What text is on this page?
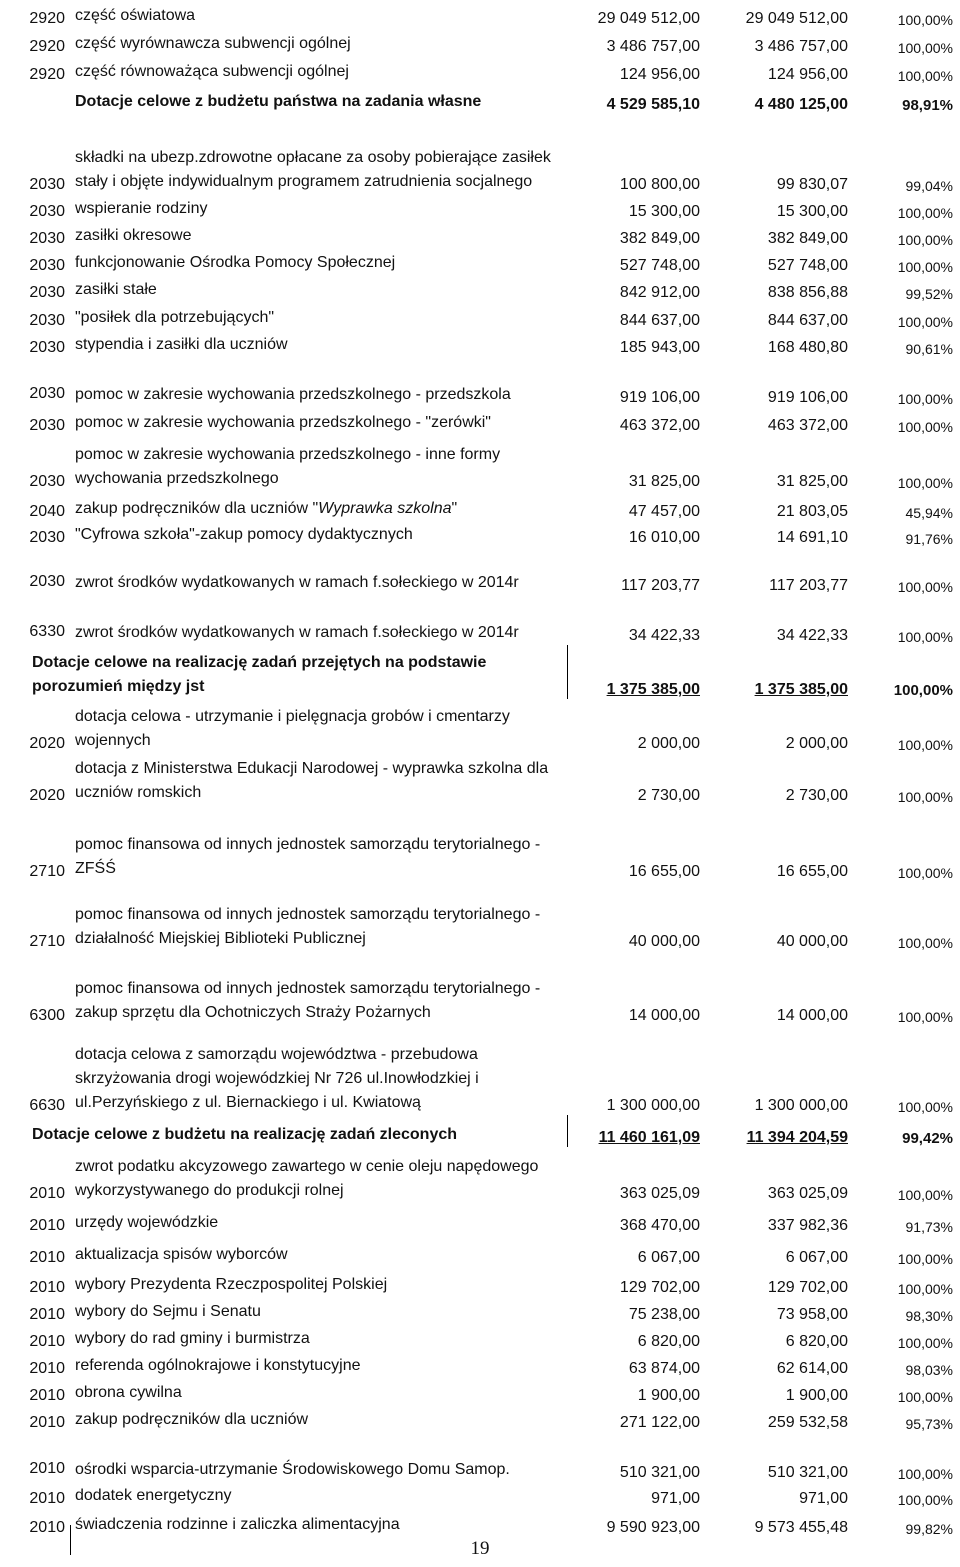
2920	część oświatowa	29 049 512,00	29 049 512,00	100,00%
2920	część wyrównawcza subwencji ogólnej	3 486 757,00	3 486 757,00	100,00%
2920	część równoważąca subwencji ogólnej	124 956,00	124 956,00	100,00%
	Dotacje celowe z budżetu państwa na zadania własne	4 529 585,10	4 480 125,00	98,91%
2030	składki na ubezp.zdrowotne opłacane za osoby pobierające zasiłek stały i objęte indywidualnym programem zatrudnienia socjalnego	100 800,00	99 830,07	99,04%
2030	wspieranie rodziny	15 300,00	15 300,00	100,00%
2030	zasiłki okresowe	382 849,00	382 849,00	100,00%
2030	funkcjonowanie Ośrodka Pomocy Społecznej	527 748,00	527 748,00	100,00%
2030	zasiłki stałe	842 912,00	838 856,88	99,52%
2030	"posiłek dla potrzebujących"	844 637,00	844 637,00	100,00%
2030	stypendia i zasiłki dla uczniów	185 943,00	168 480,80	90,61%
2030	pomoc w zakresie wychowania przedszkolnego - przedszkola	919 106,00	919 106,00	100,00%
2030	pomoc w zakresie wychowania przedszkolnego - "zerówki"	463 372,00	463 372,00	100,00%
2030	pomoc w zakresie wychowania przedszkolnego - inne formy wychowania przedszkolnego	31 825,00	31 825,00	100,00%
2040	zakup podręczników dla uczniów "Wyprawka szkolna"	47 457,00	21 803,05	45,94%
2030	"Cyfrowa szkoła"-zakup pomocy dydaktycznych	16 010,00	14 691,10	91,76%
2030	zwrot środków wydatkowanych w ramach f.sołeckiego w 2014r	117 203,77	117 203,77	100,00%
6330	zwrot środków wydatkowanych w ramach f.sołeckiego w 2014r	34 422,33	34 422,33	100,00%
Dotacje celowe na realizację zadań przejętych na podstawie porozumień między jst		1 375 385,00	1 375 385,00	100,00%
2020	dotacja celowa - utrzymanie i pielęgnacja grobów i cmentarzy wojennych	2 000,00	2 000,00	100,00%
2020	dotacja z Ministerstwa Edukacji Narodowej - wyprawka szkolna dla uczniów romskich	2 730,00	2 730,00	100,00%
2710	pomoc finansowa od innych jednostek samorządu terytorialnego - ZFŚŚ	16 655,00	16 655,00	100,00%
2710	pomoc finansowa od innych jednostek samorządu terytorialnego - działalność Miejskiej Biblioteki Publicznej	40 000,00	40 000,00	100,00%
6300	pomoc finansowa od innych jednostek samorządu terytorialnego - zakup sprzętu dla Ochotniczych Straży Pożarnych	14 000,00	14 000,00	100,00%
6630	dotacja celowa z samorządu województwa - przebudowa skrzyżowania drogi wojewódzkiej Nr 726 ul.Inowłodzkiej i ul.Perzyńskiego z ul. Biernackiego i ul. Kwiatową	1 300 000,00	1 300 000,00	100,00%
Dotacje celowe z budżetu na realizację zadań zleconych		11 460 161,09	11 394 204,59	99,42%
2010	zwrot podatku akcyzowego zawartego w cenie oleju napędowego wykorzystywanego do produkcji rolnej	363 025,09	363 025,09	100,00%
2010	urzędy wojewódzkie	368 470,00	337 982,36	91,73%
2010	aktualizacja spisów wyborców	6 067,00	6 067,00	100,00%
2010	wybory Prezydenta Rzeczpospolitej Polskiej	129 702,00	129 702,00	100,00%
2010	wybory do Sejmu i Senatu	75 238,00	73 958,00	98,30%
2010	wybory do rad gminy i burmistrza	6 820,00	6 820,00	100,00%
2010	referenda ogólnokrajowe i konstytucyjne	63 874,00	62 614,00	98,03%
2010	obrona cywilna	1 900,00	1 900,00	100,00%
2010	zakup podręczników dla uczniów	271 122,00	259 532,58	95,73%
2010	ośrodki wsparcia-utrzymanie Środowiskowego Domu Samop.	510 321,00	510 321,00	100,00%
2010	dodatek energetyczny	971,00	971,00	100,00%
2010	świadczenia rodzinne i zaliczka alimentacyjna	9 590 923,00	9 573 455,48	99,82%
19
